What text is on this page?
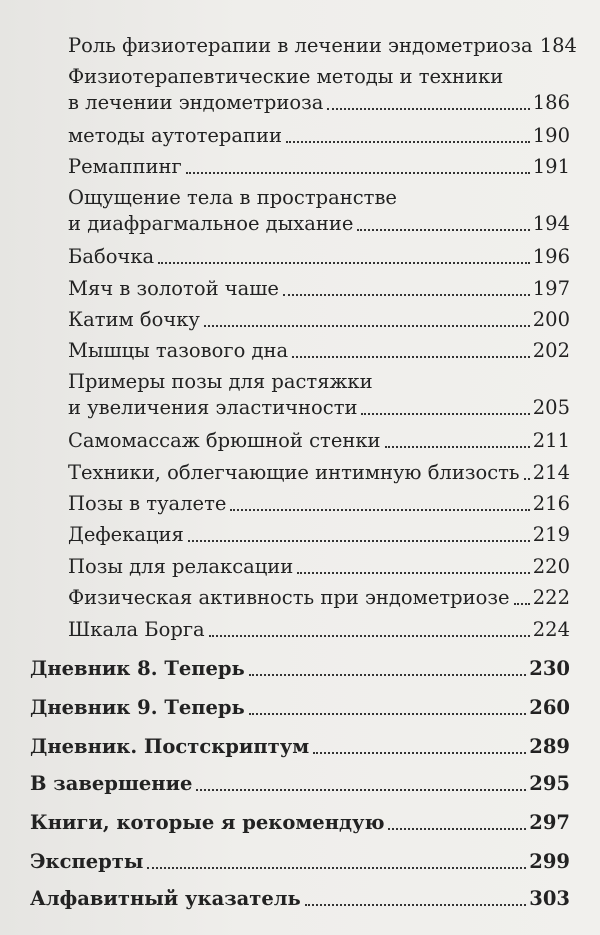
Роль физиотерапии в лечении эндометриоза 184
Физиотерапевтические методы и техники
в лечении эндометриоза	186
методы аутотерапии	190
Ремаппинг	191
Ощущение тела в пространстве
и диафрагмальное дыхание	194
Бабочка	196
Мяч в золотой чаше	197
Катим бочку	200
Мышцы тазового дна	202
Примеры позы для растяжки
и увеличения эластичности	205
Самомассаж брюшной стенки	211
Техники, облегчающие интимную близость 214
Позы в туалете	216
Дефекация	219
Позы для релаксации	220
Физическая активность при эндометриозе 222
Шкала Борга	224
Дневник 8. Теперь	230
Дневник 9. Теперь	260
Дневник. Постскриптум	289
В завершение	295
Книги, которые я рекомендую	297
Эксперты	299
Алфавитный указатель	303
